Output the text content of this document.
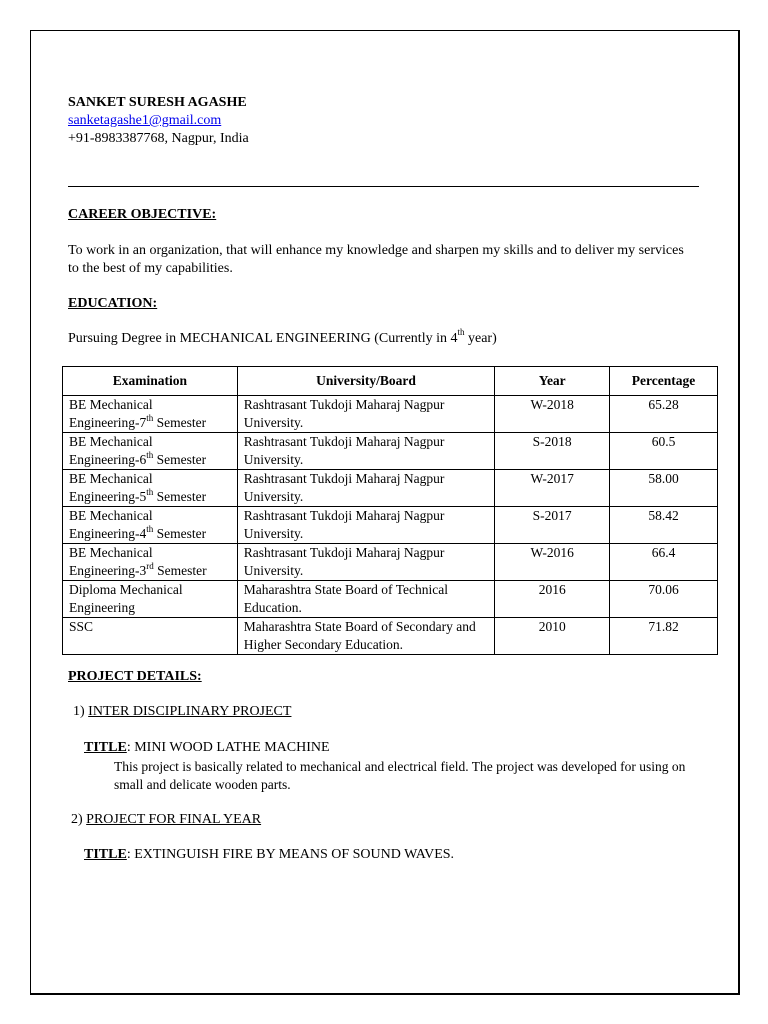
SANKET SURESH AGASHE
sanketagashe1@gmail.com
+91-8983387768, Nagpur, India
CAREER OBJECTIVE:
To work in an organization, that will enhance my knowledge and sharpen my skills and to deliver my services to the best of my capabilities.
EDUCATION:
Pursuing Degree in MECHANICAL ENGINEERING (Currently in 4th year)
Examination	University/Board	Year	Percentage
BE Mechanical
Engineering-7th Semester	Rashtrasant Tukdoji Maharaj Nagpur University.	W-2018	65.28
BE Mechanical
Engineering-6th Semester	Rashtrasant Tukdoji Maharaj Nagpur University.	S-2018	60.5
BE Mechanical
Engineering-5th Semester	Rashtrasant Tukdoji Maharaj Nagpur University.	W-2017	58.00
BE Mechanical
Engineering-4th Semester	Rashtrasant Tukdoji Maharaj Nagpur University.	S-2017	58.42
BE Mechanical
Engineering-3rd Semester	Rashtrasant Tukdoji Maharaj Nagpur University.	W-2016	66.4
Diploma Mechanical
Engineering	Maharashtra State Board of Technical Education.	2016	70.06
SSC	Maharashtra State Board of Secondary and Higher Secondary Education.	2010	71.82
PROJECT DETAILS:
1) INTER DISCIPLINARY PROJECT
TITLE: MINI WOOD LATHE MACHINE
This project is basically related to mechanical and electrical field. The project was developed for using on small and delicate wooden parts.
2) PROJECT FOR FINAL YEAR
TITLE: EXTINGUISH FIRE BY MEANS OF SOUND WAVES.
